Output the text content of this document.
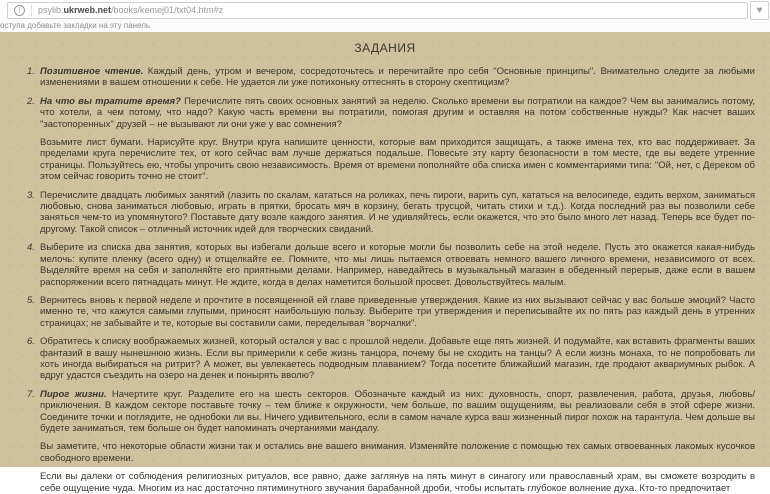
i	psylib.ukrweb.net/books/kemej01/txt04.htm#z	♥
оступа добавьте закладки на эту панель
ЗАДАНИЯ
1. Позитивное чтение. Каждый день, утром и вечером, сосредоточьтесь и перечитайте про себя "Основные принципы". Внимательно следите за любыми изменениями в вашем отношении к себе. Не удается ли уже потихоньку оттеснять в сторону скептицизм?
2. На что вы тратите время? Перечислите пять своих основных занятий за неделю. Сколько времени вы потратили на каждое? Чем вы занимались потому, что хотели, а чем потому, что надо? Какую часть времени вы потратили, помогая другим и оставляя на потом собственные нужды? Как насчет ваших "застопоренных" друзей – не вызывают ли они уже у вас сомнения?
Возьмите лист бумаги. Нарисуйте круг. Внутри круга напишите ценности, которые вам приходится защищать, а также имена тех, кто вас поддерживает. За пределами круга перечислите тех, от кого сейчас вам лучше держаться подальше. Повесьте эту карту безопасности в том месте, где вы ведете утренние страницы. Пользуйтесь ею, чтобы упрочить свою независимость. Время от времени пополняйте оба списка имен с комментариями типа: "Ой, нет, с Дереком об этом сейчас говорить точно не стоит".
3. Перечислите двадцать любимых занятий (лазить по скалам, кататься на роликах, печь пироги, варить суп, кататься на велосипеде, ездить верхом, заниматься любовью, снова заниматься любовью, играть в прятки, бросать мяч в корзину, бегать трусцой, читать стихи и т.д.). Когда последний раз вы позволили себе заняться чем-то из упомянутого? Поставьте дату возле каждого занятия. И не удивляйтесь, если окажется, что это было много лет назад. Теперь все будет по-другому. Такой список – отличный источник идей для творческих свиданий.
4. Выберите из списка два занятия, которых вы избегали дольше всего и которые могли бы позволить себе на этой неделе. Пусть это окажется какая-нибудь мелочь: купите пленку (всего одну) и отщелкайте ее. Помните, что мы лишь пытаемся отвоевать немного вашего личного времени, независимого от всех. Выделяйте время на себя и заполняйте его приятными делами. Например, наведайтесь в музыкальный магазин в обеденный перерыв, даже если в вашем распоряжении всего пятнадцать минут. Не ждите, когда в делах наметится большой просвет. Довольствуйтесь малым.
5. Вернитесь вновь к первой неделе и прочтите в посвященной ей главе приведенные утверждения. Какие из них вызывают сейчас у вас больше эмоций? Часто именно те, что кажутся самыми глупыми, приносят наибольшую пользу. Выберите три утверждения и переписывайте их по пять раз каждый день в утренних страницах; не забывайте и те, которые вы составили сами, переделывая "ворчалки".
6. Обратитесь к списку воображаемых жизней, который остался у вас с прошлой недели. Добавьте еще пять жизней. И подумайте, как вставить фрагменты ваших фантазий в вашу нынешнюю жизнь. Если вы примерили к себе жизнь танцора, почему бы не сходить на танцы? А если жизнь монаха, то не попробовать ли хоть иногда выбираться на ритрит? А может, вы увлекаетесь подводным плаванием? Тогда посетите ближайший магазин, где продают аквариумных рыбок. А вдруг удастся съездить на озеро на денек и понырять вволю?
7. Пирог жизни. Начертите круг. Разделите его на шесть секторов. Обозначьте каждый из них: духовность, спорт, развлечения, работа, друзья, любовь/приключения. В каждом секторе поставьте точку – тем ближе к окружности, чем больше, по вашим ощущениям, вы реализовали себя в этой сфере жизни. Соедините точки и поглядите, не однобоки ли вы. Ничего удивительного, если в самом начале курса ваш жизненный пирог похож на тарантула. Чем дольше вы будете заниматься, тем больше он будет напоминать очертаниями мандалу.
Вы заметите, что некоторые области жизни так и остались вне вашего внимания. Изменяйте положение с помощью тех самых отвоеванных лакомых кусочков свободного времени.
Если вы далеки от соблюдения религиозных ритуалов, все равно, даже заглянув на пять минут в синагогу или православный храм, вы сможете возродить в себе ощущение чуда. Многим из нас достаточно пятиминутного звучания барабанной дроби, чтобы испытать глубокое волнение духа. Кто-то предпочитает
